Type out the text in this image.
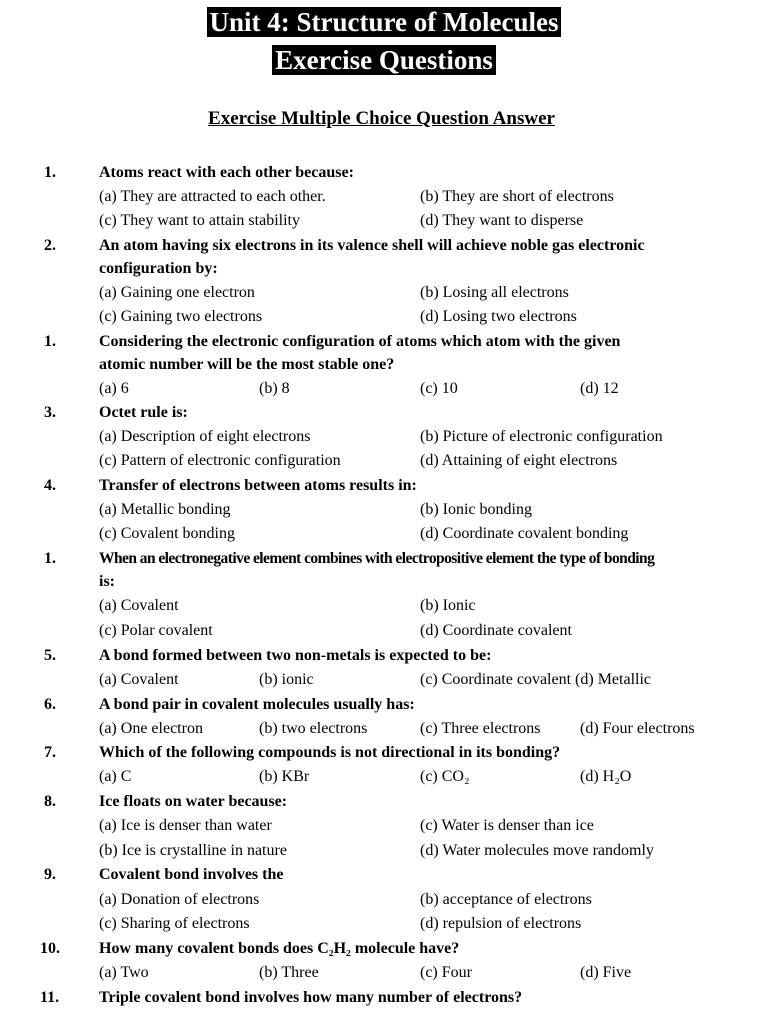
Unit 4: Structure of Molecules
Exercise Questions
Exercise Multiple Choice Question Answer
1.	Atoms react with each other because:
(a) They are attracted to each other.	(b) They are short of electrons
(c) They want to attain stability	(d) They want to disperse
2.	An atom having six electrons in its valence shell will achieve noble gas electronic
configuration by:
(a) Gaining one electron	(b) Losing all electrons
(c) Gaining two electrons	(d) Losing two electrons
1.	Considering the electronic configuration of atoms which atom with the given
atomic number will be the most stable one?
(a) 6	(b) 8	(c) 10	(d) 12
3.	Octet rule is:
(a) Description of eight electrons	(b) Picture of electronic configuration
(c) Pattern of electronic configuration	(d) Attaining of eight electrons
4.	Transfer of electrons between atoms results in:
(a) Metallic bonding	(b) Ionic bonding
(c) Covalent bonding	(d) Coordinate covalent bonding
1.	When an electronegative element combines with electropositive element the type of bonding
is:
(a) Covalent	(b) Ionic
(c) Polar covalent	(d) Coordinate covalent
5.	A bond formed between two non-metals is expected to be:
(a) Covalent	(b) ionic	(c) Coordinate covalent (d) Metallic
6.	A bond pair in covalent molecules usually has:
(a) One electron	(b) two electrons	(c) Three electrons (d) Four electrons
7.	Which of the following compounds is not directional in its bonding?
(a) C	(b) KBr	(c) CO₂	(d) H₂O
8.	Ice floats on water because:
(a) Ice is denser than water	(c) Water is denser than ice
(b) Ice is crystalline in nature	(d) Water molecules move randomly
9.	Covalent bond involves the
(a) Donation of electrons	(b) acceptance of electrons
(c) Sharing of electrons	(d) repulsion of electrons
10. How many covalent bonds does C₂H₂ molecule have?
(a) Two	(b) Three	(c) Four	(d) Five
11. Triple covalent bond involves how many number of electrons?
